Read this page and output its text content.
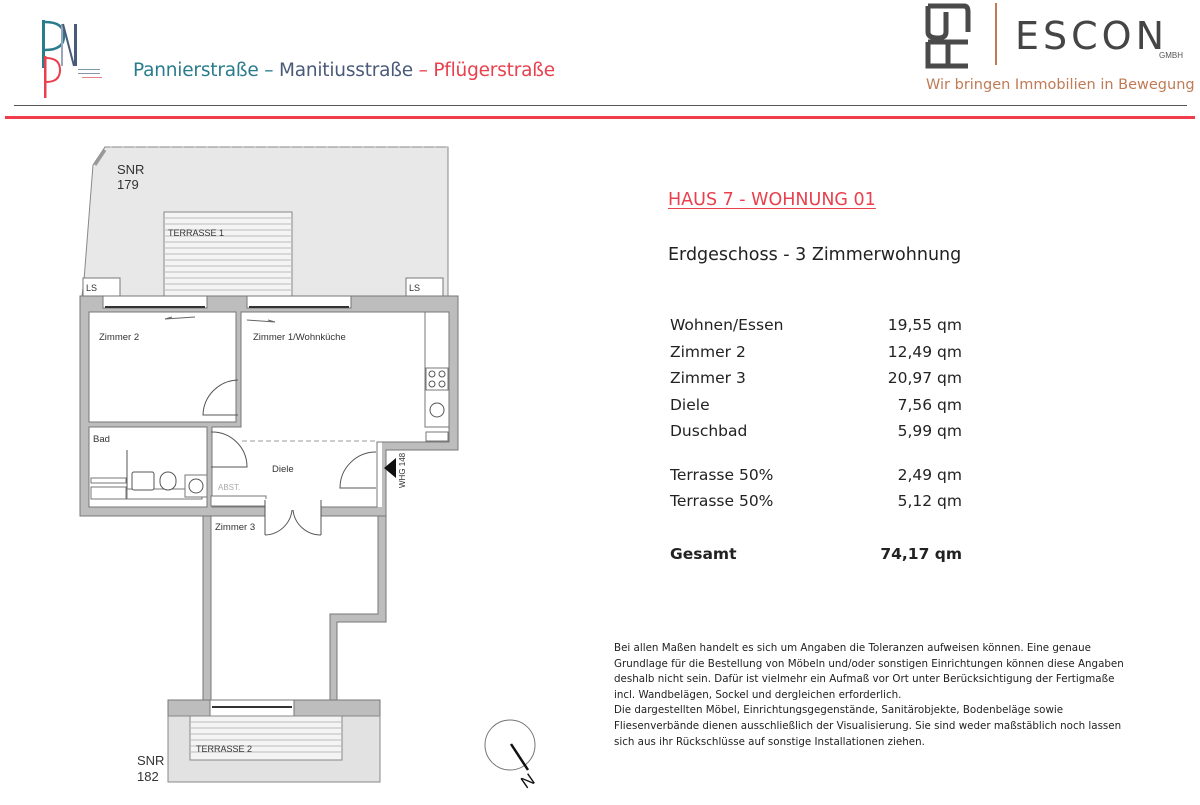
Pannierstraße – Manitiusstraße – Pflügerstraße
ESCON
GMBH
Wir bringen Immobilien in Bewegung
WHG 148
SNR
179
TERRASSE 1
LS	LS
Zimmer 2	Zimmer 1/Wohnküche
Bad
ABST.
Diele
Zimmer 3
TERRASSE 2
SNR
182	N
HAUS 7 - WOHNUNG 01
Erdgeschoss - 3 Zimmerwohnung
Wohnen/Essen	19,55 qm
Zimmer 2	12,49 qm
Zimmer 3	20,97 qm
Diele	7,56 qm
Duschbad	5,99 qm
Terrasse 50%	2,49 qm
Terrasse 50%	5,12 qm
Gesamt	74,17 qm

Bei allen Maßen handelt es sich um Angaben die Toleranzen aufweisen können. Eine genaue Grundlage für die Bestellung von Möbeln und/oder sonstigen Einrichtungen können diese Angaben deshalb nicht sein. Dafür ist vielmehr ein Aufmaß vor Ort unter Berücksichtigung der Fertigmaße incl. Wandbelägen, Sockel und dergleichen erforderlich.

Die dargestellten Möbel, Einrichtungsgegenstände, Sanitärobjekte, Bodenbeläge sowie Fliesenverbände dienen ausschließlich der Visualisierung. Sie sind weder maßstäblich noch lassen sich aus ihr Rückschlüsse auf sonstige Installationen ziehen.
